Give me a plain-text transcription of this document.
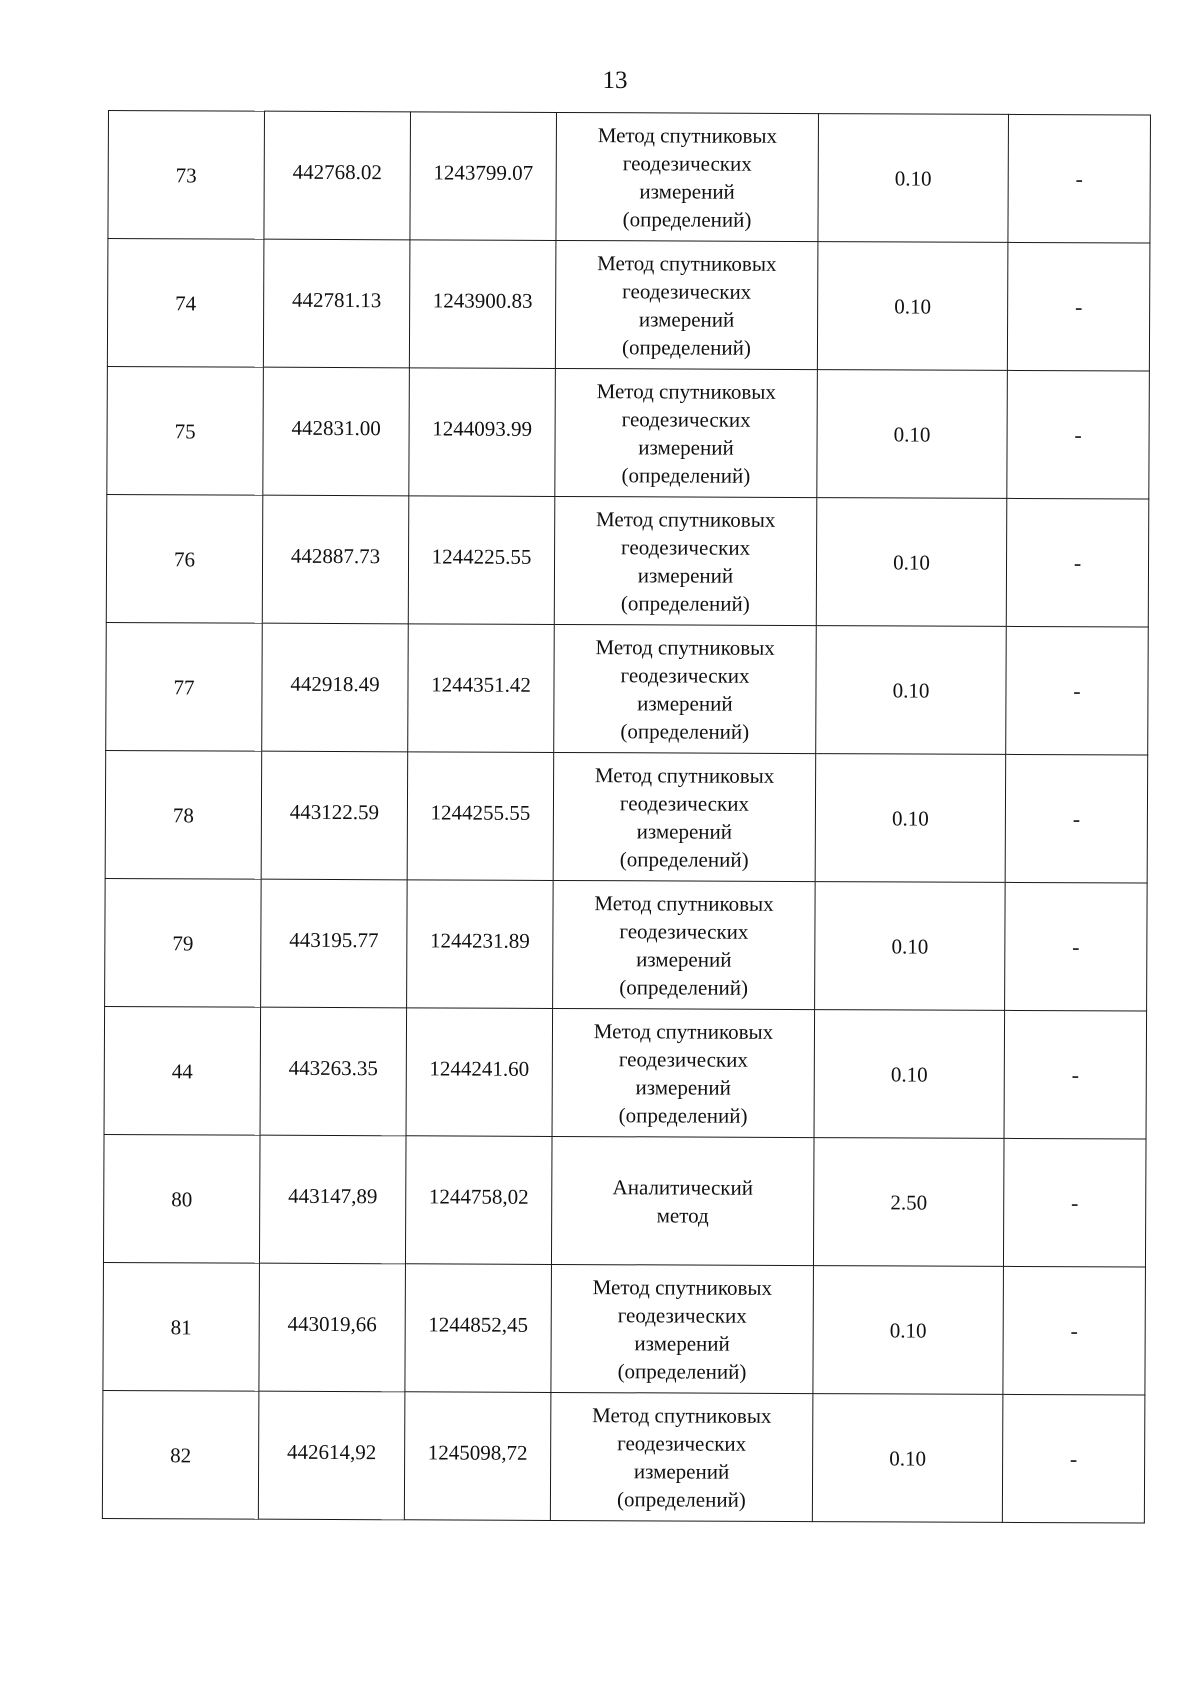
13
73	442768.02	1243799.07	Метод спутниковых
геодезических
измерений
(определений)	0.10	-
74	442781.13	1243900.83	Метод спутниковых
геодезических
измерений
(определений)	0.10	-
75	442831.00	1244093.99	Метод спутниковых
геодезических
измерений
(определений)	0.10	-
76	442887.73	1244225.55	Метод спутниковых
геодезических
измерений
(определений)	0.10	-
77	442918.49	1244351.42	Метод спутниковых
геодезических
измерений
(определений)	0.10	-
78	443122.59	1244255.55	Метод спутниковых
геодезических
измерений
(определений)	0.10	-
79	443195.77	1244231.89	Метод спутниковых
геодезических
измерений
(определений)	0.10	-
44	443263.35	1244241.60	Метод спутниковых
геодезических
измерений
(определений)	0.10	-
80	443147,89	1244758,02	Аналитический
метод	2.50	-
81	443019,66	1244852,45	Метод спутниковых
геодезических
измерений
(определений)	0.10	-
82	442614,92	1245098,72	Метод спутниковых
геодезических
измерений
(определений)	0.10	-
